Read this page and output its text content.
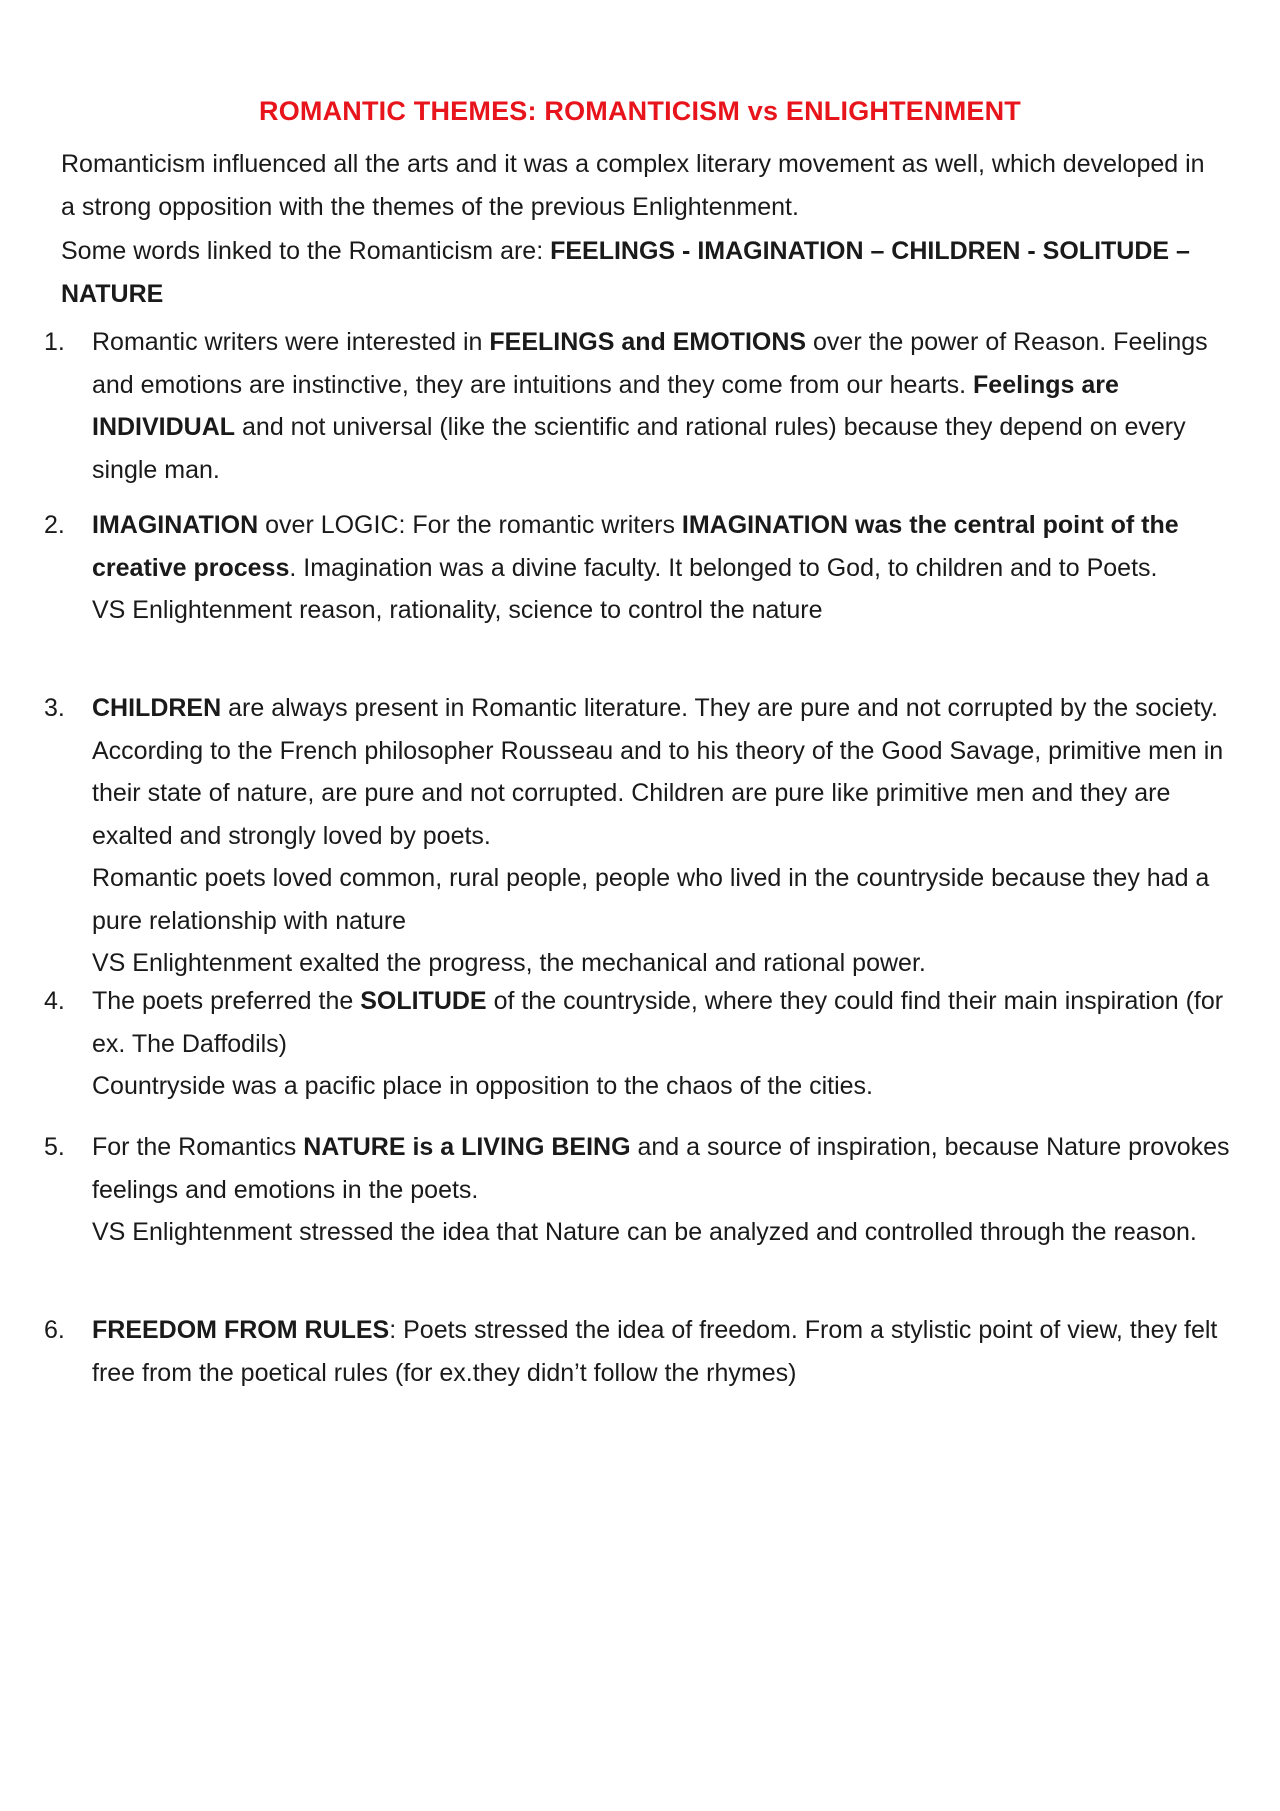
ROMANTIC THEMES: ROMANTICISM vs ENLIGHTENMENT
Romanticism influenced all the arts and it was a complex literary movement as well, which developed in a strong opposition with the themes of the previous Enlightenment.
Some words linked to the Romanticism are: FEELINGS - IMAGINATION – CHILDREN - SOLITUDE – NATURE
1.	Romantic writers were interested in FEELINGS and EMOTIONS over the power of Reason. Feelings and emotions are instinctive, they are intuitions and they come from our hearts. Feelings are INDIVIDUAL and not universal (like the scientific and rational rules) because they depend on every single man.
2.	IMAGINATION over LOGIC: For the romantic writers IMAGINATION was the central point of the creative process. Imagination was a divine faculty. It belonged to God, to children and to Poets.
VS Enlightenment reason, rationality, science to control the nature
3.	CHILDREN are always present in Romantic literature. They are pure and not corrupted by the society. According to the French philosopher Rousseau and to his theory of the Good Savage, primitive men in their state of nature, are pure and not corrupted. Children are pure like primitive men and they are exalted and strongly loved by poets.
Romantic poets loved common, rural people, people who lived in the countryside because they had a pure relationship with nature
VS Enlightenment exalted the progress, the mechanical and rational power.
4.	The poets preferred the SOLITUDE of the countryside, where they could find their main inspiration (for ex. The Daffodils)
Countryside was a pacific place in opposition to the chaos of the cities.
5.	For the Romantics NATURE is a LIVING BEING and a source of inspiration, because Nature provokes feelings and emotions in the poets.
VS Enlightenment stressed the idea that Nature can be analyzed and controlled through the reason.
6.	FREEDOM FROM RULES: Poets stressed the idea of freedom. From a stylistic point of view, they felt free from the poetical rules (for ex.they didn’t follow the rhymes)
